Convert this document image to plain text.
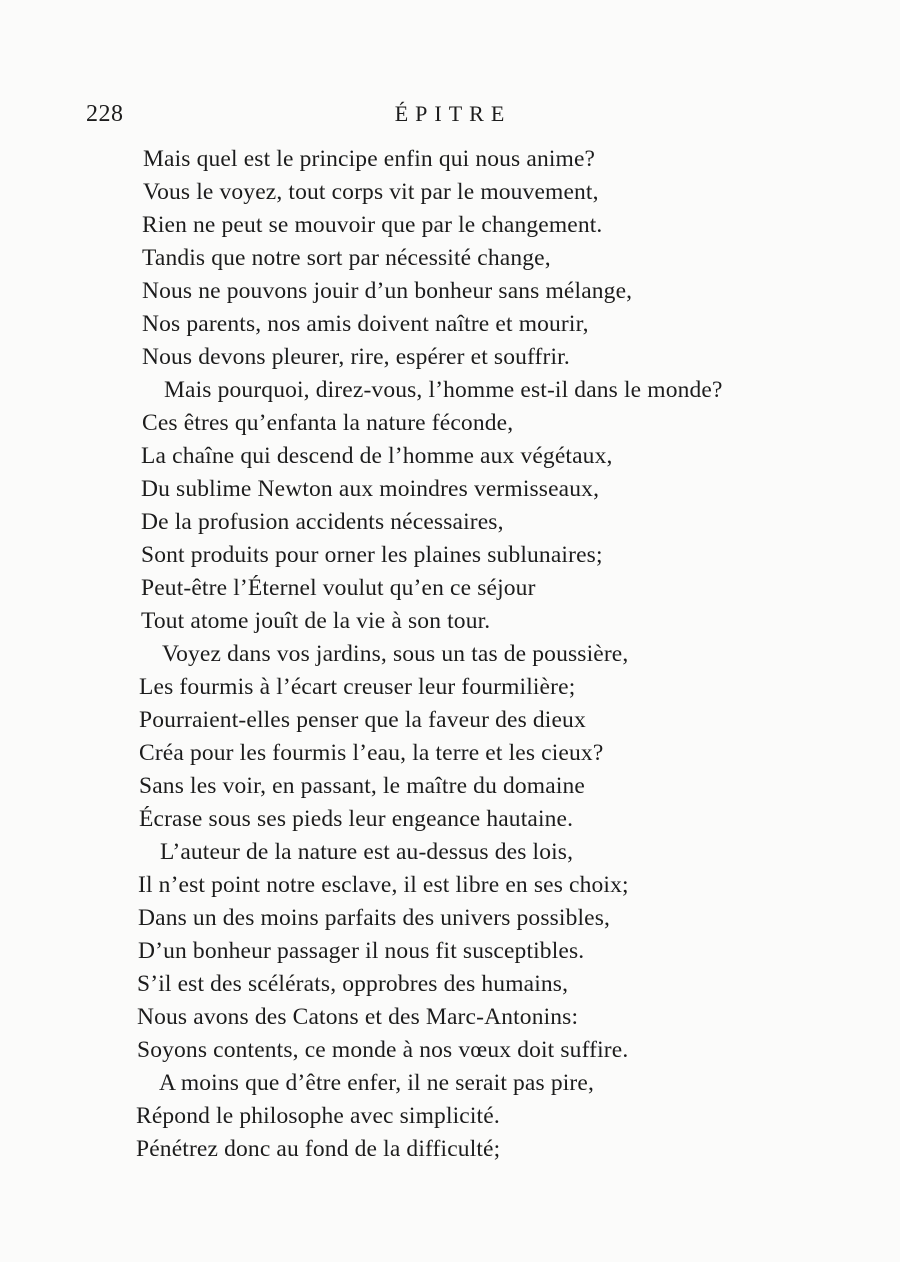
228	ÉPITRE
Mais quel est le principe enfin qui nous anime?
Vous le voyez, tout corps vit par le mouvement,
Rien ne peut se mouvoir que par le changement.
Tandis que notre sort par nécessité change,
Nous ne pouvons jouir d’un bonheur sans mélange,
Nos parents, nos amis doivent naître et mourir,
Nous devons pleurer, rire, espérer et souffrir.
Mais pourquoi, direz-vous, l’homme est-il dans le monde?
Ces êtres qu’enfanta la nature féconde,
La chaîne qui descend de l’homme aux végétaux,
Du sublime Newton aux moindres vermisseaux,
De la profusion accidents nécessaires,
Sont produits pour orner les plaines sublunaires;
Peut-être l’Éternel voulut qu’en ce séjour
Tout atome jouît de la vie à son tour.
Voyez dans vos jardins, sous un tas de poussière,
Les fourmis à l’écart creuser leur fourmilière;
Pourraient-elles penser que la faveur des dieux
Créa pour les fourmis l’eau, la terre et les cieux?
Sans les voir, en passant, le maître du domaine
Écrase sous ses pieds leur engeance hautaine.
L’auteur de la nature est au-dessus des lois,
Il n’est point notre esclave, il est libre en ses choix;
Dans un des moins parfaits des univers possibles,
D’un bonheur passager il nous fit susceptibles.
S’il est des scélérats, opprobres des humains,
Nous avons des Catons et des Marc-Antonins:
Soyons contents, ce monde à nos vœux doit suffire.
A moins que d’être enfer, il ne serait pas pire,
Répond le philosophe avec simplicité.
Pénétrez donc au fond de la difficulté;
